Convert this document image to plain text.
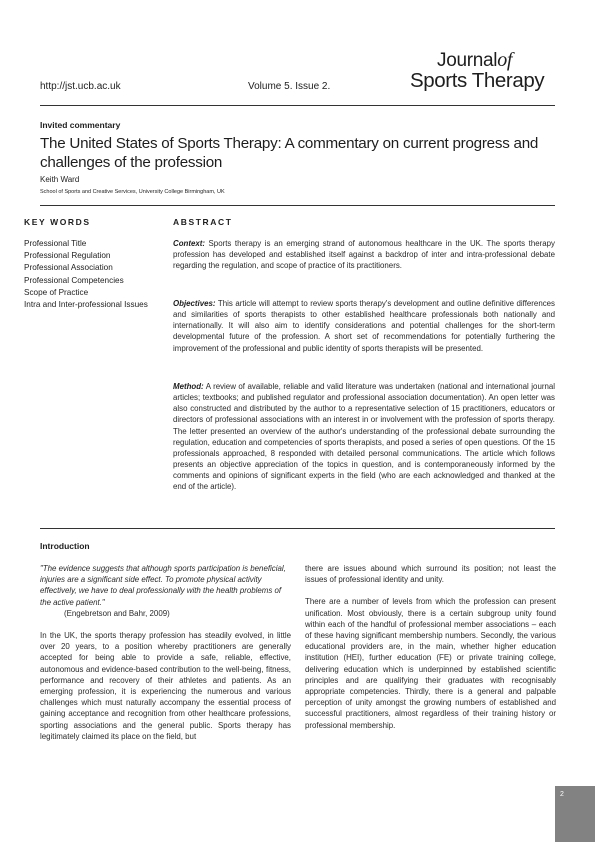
http://jst.ucb.ac.uk	Volume 5. Issue 2.
Journalof
Sports Therapy
Invited commentary
The United States of Sports Therapy: A commentary on current progress and challenges of the profession
Keith Ward
School of Sports and Creative Services, University College Birmingham, UK
KEY WORDS
Professional Title
Professional Regulation
Professional Association
Professional Competencies
Scope of Practice
Intra and Inter-professional Issues
ABSTRACT

Context: Sports therapy is an emerging strand of autonomous healthcare in the UK. The sports therapy profession has developed and established itself against a backdrop of inter and intra-professional debate regarding the regulation, and scope of practice of its practitioners.

Objectives: This article will attempt to review sports therapy's development and outline definitive differences and similarities of sports therapists to other established healthcare professionals both nationally and internationally. It will also aim to identify considerations and potential challenges for the short-term developmental future of the profession. A short set of recommendations for potentially furthering the improvement of the professional and public identity of sports therapists will be presented.

Method: A review of available, reliable and valid literature was undertaken (national and international journal articles; textbooks; and published regulator and professional association documentation). An open letter was also constructed and distributed by the author to a representative selection of 15 practitioners, educators or directors of professional associations with an interest in or involvement with the profession of sports therapy. The letter presented an overview of the author's understanding of the professional debate surrounding the regulation, education and competencies of sports therapists, and posed a series of open questions. Of the 15 professionals approached, 8 responded with detailed personal communications. The article which follows presents an objective appreciation of the topics in question, and is contemporaneously informed by the comments and opinions of significant experts in the field (who are each acknowledged and thanked at the end of the article).

Introduction

"The evidence suggests that although sports participation is beneficial, injuries are a significant side effect. To promote physical activity effectively, we have to deal professionally with the health problems of the active patient."

(Engebretson and Bahr, 2009)

In the UK, the sports therapy profession has steadily evolved, in little over 20 years, to a position whereby practitioners are generally accepted for being able to provide a safe, reliable, effective, autonomous and evidence-based contribution to the well-being, fitness, performance and recovery of their athletes and patients. As an emerging profession, it is experiencing the numerous and various challenges which must naturally accompany the essential process of gaining acceptance and recognition from other healthcare professions, sporting associations and the general public. Sports therapy has legitimately claimed its place on the field, but

there are issues abound which surround its position; not least the issues of professional identity and unity.

There are a number of levels from which the profession can present unification. Most obviously, there is a certain subgroup unity found within each of the handful of professional member associations – each of these having significant membership numbers. Secondly, the various educational providers are, in the main, whether higher education institution (HEI), further education (FE) or private training college, delivering education which is underpinned by established scientific principles and are qualifying their graduates with recognisably appropriate competencies. Thirdly, there is a general and palpable perception of unity amongst the growing numbers of established and successful practitioners, almost regardless of their training history or professional membership.

2
